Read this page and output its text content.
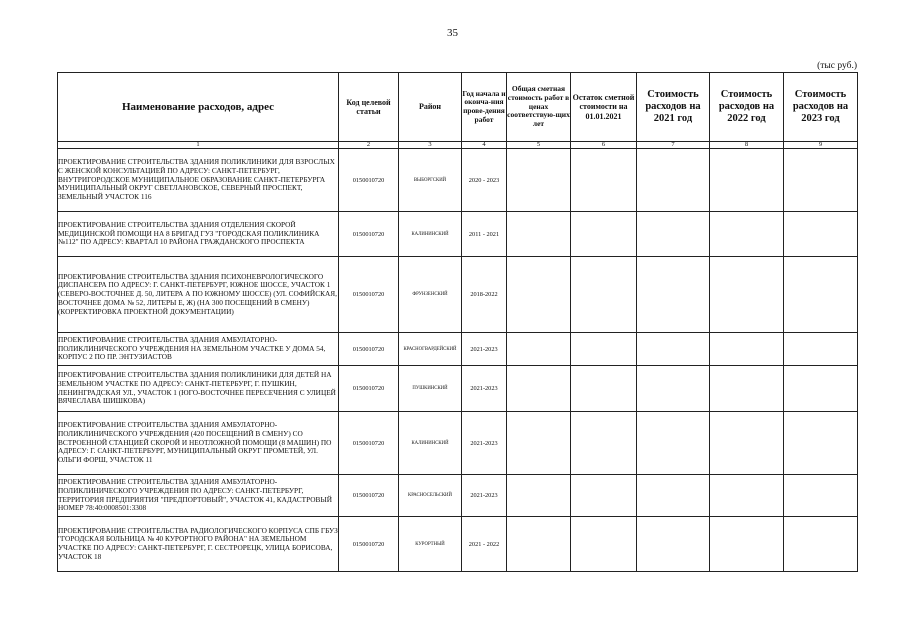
35
(тыс руб.)
Наименование расходов, адрес	Код целевой статьи	Район	Год начала и оконча-ния прове-дения работ	Общая сметная стоимость работ в ценах соответствую-щих лет	Остаток сметной стоимости на 01.01.2021	Стоимость расходов на 2021 год	Стоимость расходов на 2022 год	Стоимость расходов на 2023 год
1	2	3	4	5	6	7	8	9
ПРОЕКТИРОВАНИЕ СТРОИТЕЛЬСТВА ЗДАНИЯ ПОЛИКЛИНИКИ ДЛЯ ВЗРОСЛЫХ С ЖЕНСКОЙ КОНСУЛЬТАЦИЕЙ ПО АДРЕСУ: САНКТ-ПЕТЕРБУРГ, ВНУТРИГОРОДСКОЕ МУНИЦИПАЛЬНОЕ ОБРАЗОВАНИЕ САНКТ-ПЕТЕРБУРГА МУНИЦИПАЛЬНЫЙ ОКРУГ СВЕТЛАНОВСКОЕ, СЕВЕРНЫЙ ПРОСПЕКТ, ЗЕМЕЛЬНЫЙ УЧАСТОК 116	0150010720	ВЫБОРГСКИЙ	2020 - 2023					
ПРОЕКТИРОВАНИЕ СТРОИТЕЛЬСТВА ЗДАНИЯ ОТДЕЛЕНИЯ СКОРОЙ МЕДИЦИНСКОЙ ПОМОЩИ НА 8 БРИГАД ГУЗ "ГОРОДСКАЯ ПОЛИКЛИНИКА №112" ПО АДРЕСУ: КВАРТАЛ 10 РАЙОНА ГРАЖДАНСКОГО ПРОСПЕКТА	0150010720	КАЛИНИНСКИЙ	2011 - 2021					
ПРОЕКТИРОВАНИЕ СТРОИТЕЛЬСТВА ЗДАНИЯ ПСИХОНЕВРОЛОГИЧЕСКОГО ДИСПАНСЕРА ПО АДРЕСУ: Г. САНКТ-ПЕТЕРБУРГ, ЮЖНОЕ ШОССЕ, УЧАСТОК 1 (СЕВЕРО-ВОСТОЧНЕЕ Д. 50, ЛИТЕРА А ПО ЮЖНОМУ ШОССЕ) (УЛ. СОФИЙСКАЯ, ВОСТОЧНЕЕ ДОМА № 52, ЛИТЕРЫ Е, Ж) (НА 300 ПОСЕЩЕНИЙ В СМЕНУ) (КОРРЕКТИРОВКА ПРОЕКТНОЙ ДОКУМЕНТАЦИИ)	0150010720	ФРУНЗЕНСКИЙ	2018-2022					
ПРОЕКТИРОВАНИЕ СТРОИТЕЛЬСТВА ЗДАНИЯ АМБУЛАТОРНО-ПОЛИКЛИНИЧЕСКОГО УЧРЕЖДЕНИЯ НА ЗЕМЕЛЬНОМ УЧАСТКЕ У ДОМА 54, КОРПУС 2 ПО ПР. ЭНТУЗИАСТОВ	0150010720	КРАСНОГВАРДЕЙСКИЙ	2021-2023					
ПРОЕКТИРОВАНИЕ СТРОИТЕЛЬСТВА ЗДАНИЯ ПОЛИКЛИНИКИ ДЛЯ ДЕТЕЙ НА ЗЕМЕЛЬНОМ УЧАСТКЕ ПО АДРЕСУ: САНКТ-ПЕТЕРБУРГ, Г. ПУШКИН, ЛЕНИНГРАДСКАЯ УЛ., УЧАСТОК 1 (ЮГО-ВОСТОЧНЕЕ ПЕРЕСЕЧЕНИЯ С УЛИЦЕЙ ВЯЧЕСЛАВА ШИШКОВА)	0150010720	ПУШКИНСКИЙ	2021-2023					
ПРОЕКТИРОВАНИЕ СТРОИТЕЛЬСТВА ЗДАНИЯ АМБУЛАТОРНО-ПОЛИКЛИНИЧЕСКОГО УЧРЕЖДЕНИЯ (420 ПОСЕЩЕНИЙ В СМЕНУ) СО ВСТРОЕННОЙ СТАНЦИЕЙ СКОРОЙ И НЕОТЛОЖНОЙ ПОМОЩИ (8 МАШИН) ПО АДРЕСУ: Г. САНКТ-ПЕТЕРБУРГ, МУНИЦИПАЛЬНЫЙ ОКРУГ ПРОМЕТЕЙ, УЛ. ОЛЬГИ ФОРШ, УЧАСТОК 11	0150010720	КАЛИНИНСКИЙ	2021-2023					
ПРОЕКТИРОВАНИЕ СТРОИТЕЛЬСТВА ЗДАНИЯ АМБУЛАТОРНО-ПОЛИКЛИНИЧЕСКОГО УЧРЕЖДЕНИЯ ПО АДРЕСУ: САНКТ-ПЕТЕРБУРГ, ТЕРРИТОРИЯ ПРЕДПРИЯТИЯ "ПРЕДПОРТОВЫЙ", УЧАСТОК 41, КАДАСТРОВЫЙ НОМЕР 78:40:0008501:3308	0150010720	КРАСНОСЕЛЬСКИЙ	2021-2023					
ПРОЕКТИРОВАНИЕ СТРОИТЕЛЬСТВА РАДИОЛОГИЧЕСКОГО КОРПУСА СПБ ГБУЗ "ГОРОДСКАЯ БОЛЬНИЦА № 40 КУРОРТНОГО РАЙОНА" НА ЗЕМЕЛЬНОМ УЧАСТКЕ ПО АДРЕСУ: САНКТ-ПЕТЕРБУРГ, Г. СЕСТРОРЕЦК, УЛИЦА БОРИСОВА, УЧАСТОК 18	0150010720	КУРОРТНЫЙ	2021 - 2022					
